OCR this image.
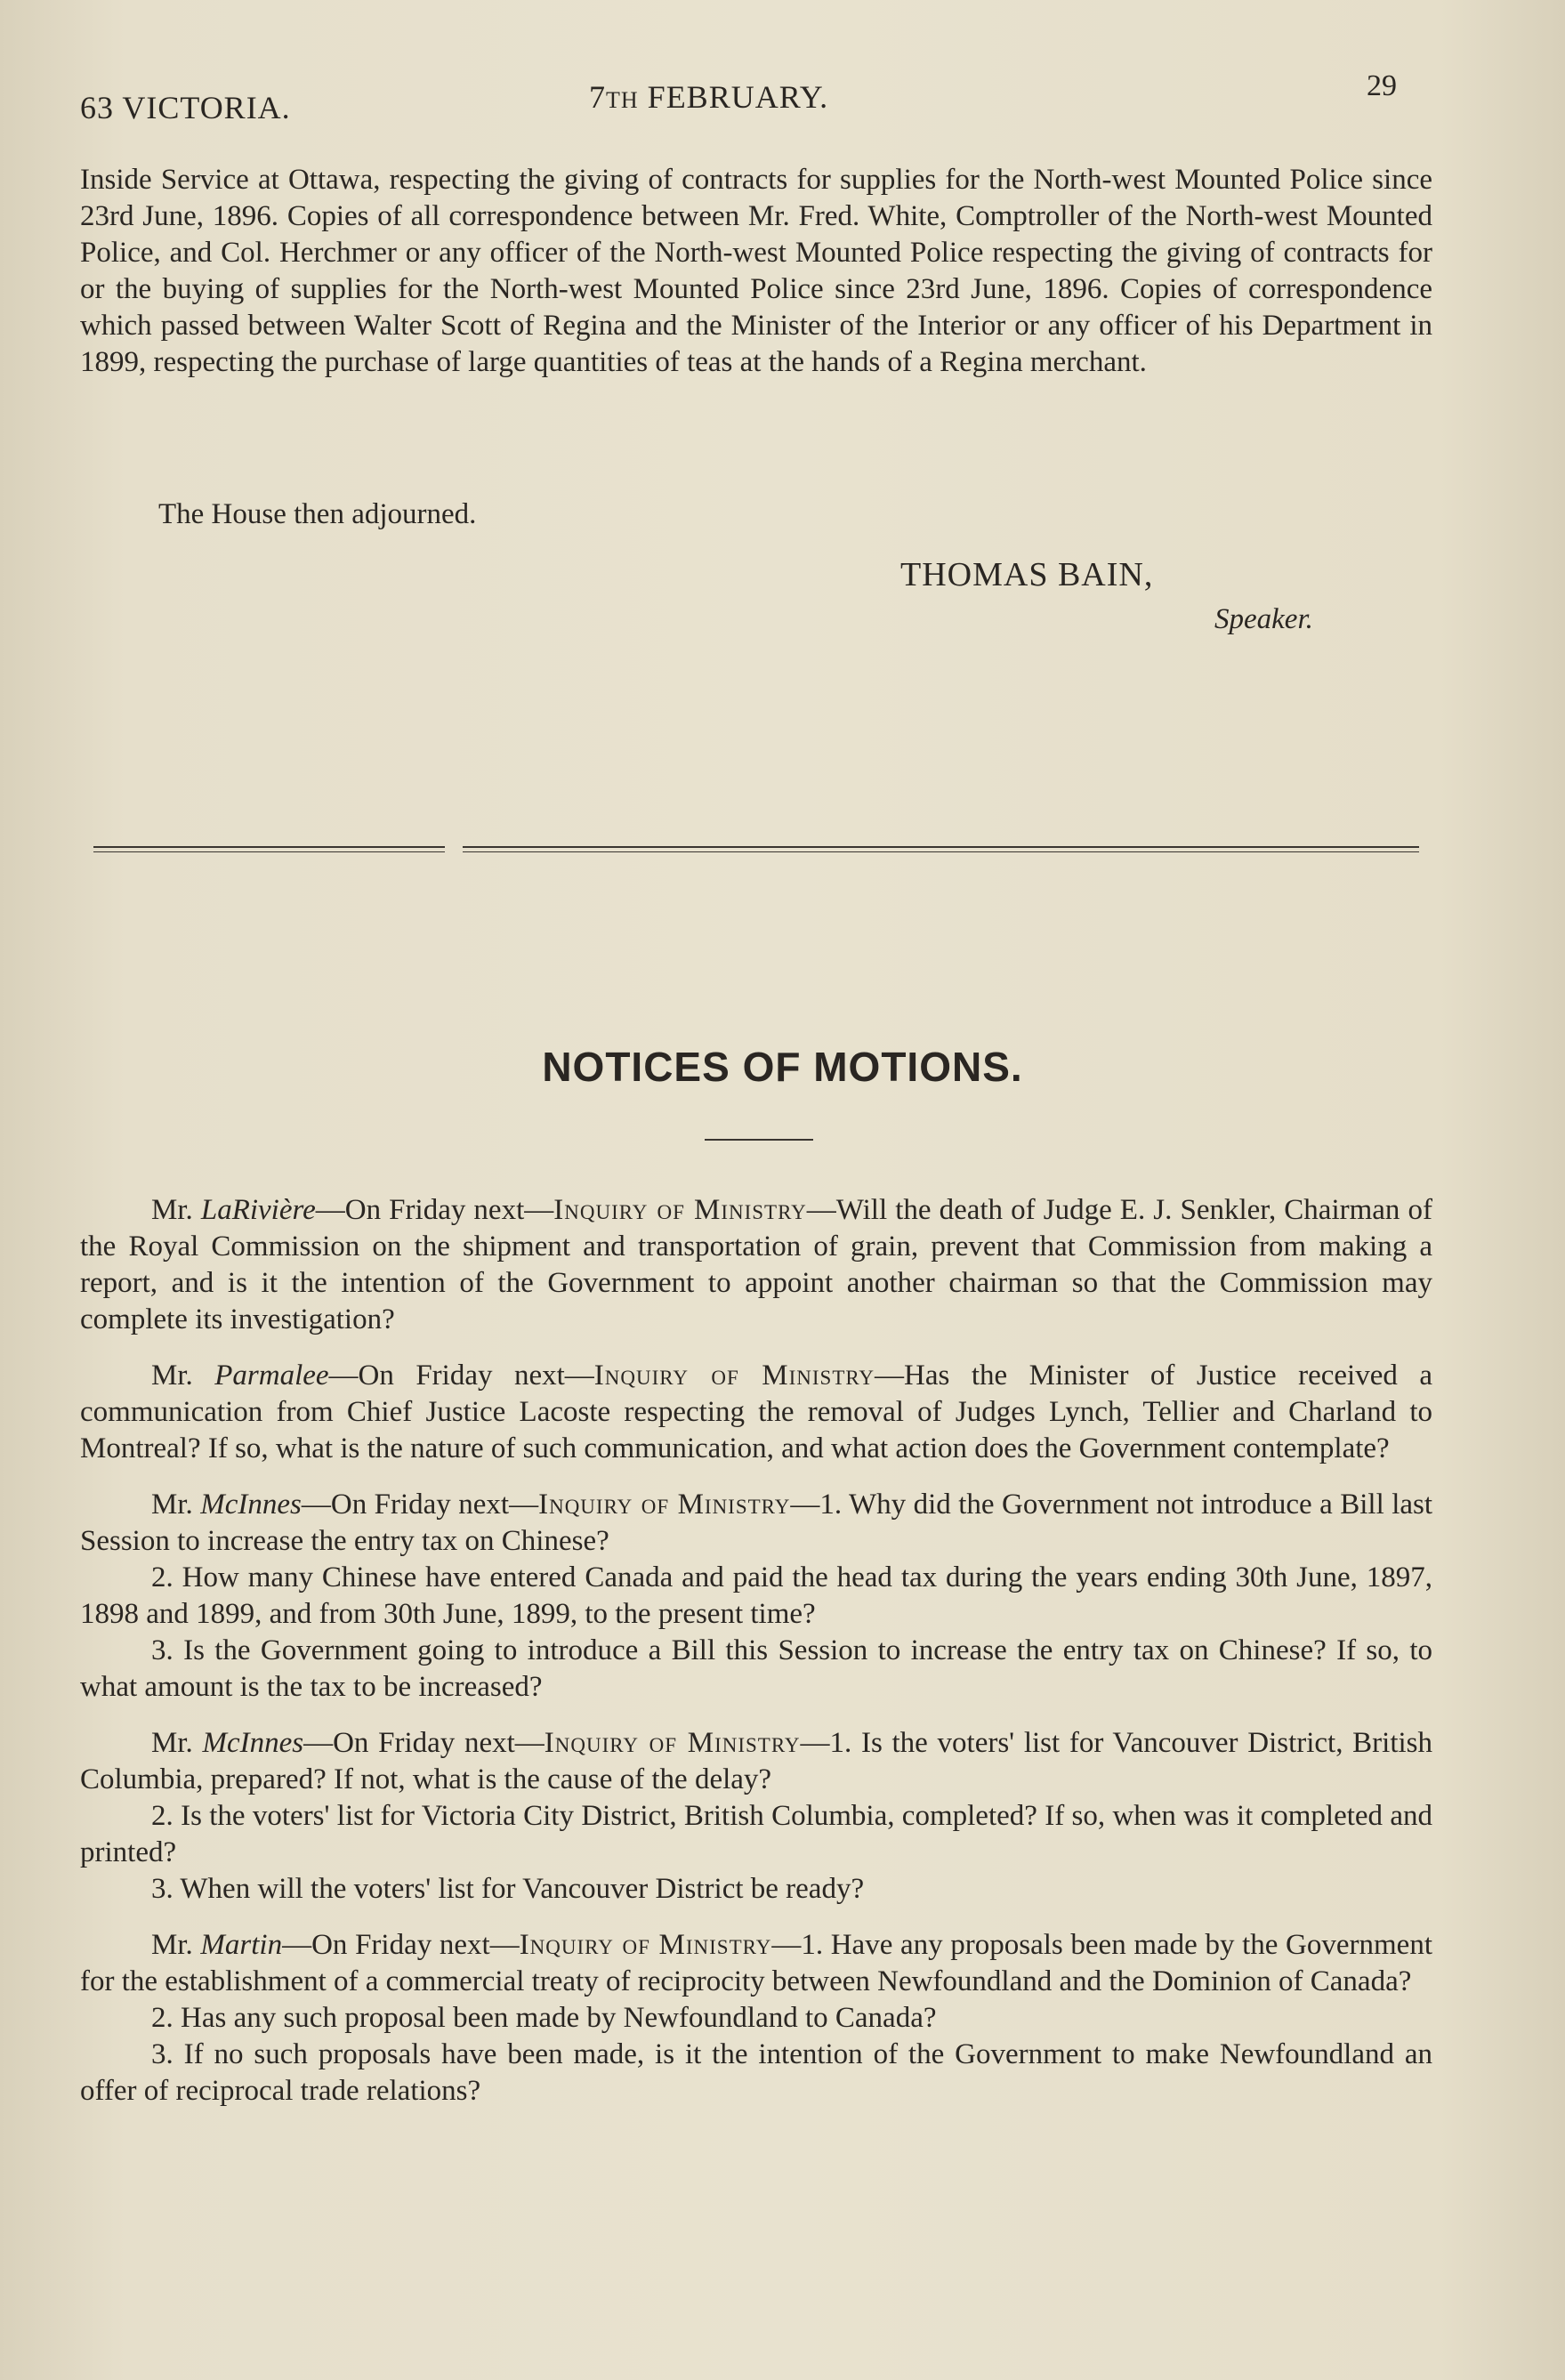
63 VICTORIA.	7TH FEBRUARY.	29

Inside Service at Ottawa, respecting the giving of contracts for supplies for the North-west Mounted Police since 23rd June, 1896. Copies of all correspondence between Mr. Fred. White, Comptroller of the North-west Mounted Police, and Col. Herchmer or any officer of the North-west Mounted Police respecting the giving of contracts for or the buying of supplies for the North-west Mounted Police since 23rd June, 1896. Copies of correspondence which passed between Walter Scott of Regina and the Minister of the Interior or any officer of his Department in 1899, respecting the purchase of large quantities of teas at the hands of a Regina merchant.

The House then adjourned.
THOMAS BAIN,
Speaker.
NOTICES OF MOTIONS.

Mr. LaRivière—On Friday next—Inquiry of Ministry—Will the death of Judge E. J. Senkler, Chairman of the Royal Commission on the shipment and transportation of grain, prevent that Commission from making a report, and is it the intention of the Government to appoint another chairman so that the Commission may complete its investigation?

Mr. Parmalee—On Friday next—Inquiry of Ministry—Has the Minister of Justice received a communication from Chief Justice Lacoste respecting the removal of Judges Lynch, Tellier and Charland to Montreal? If so, what is the nature of such communication, and what action does the Government contemplate?

Mr. McInnes—On Friday next—Inquiry of Ministry—1. Why did the Government not introduce a Bill last Session to increase the entry tax on Chinese?

2. How many Chinese have entered Canada and paid the head tax during the years ending 30th June, 1897, 1898 and 1899, and from 30th June, 1899, to the present time?

3. Is the Government going to introduce a Bill this Session to increase the entry tax on Chinese? If so, to what amount is the tax to be increased?

Mr. McInnes—On Friday next—Inquiry of Ministry—1. Is the voters' list for Vancouver District, British Columbia, prepared? If not, what is the cause of the delay?

2. Is the voters' list for Victoria City District, British Columbia, completed? If so, when was it completed and printed?

3. When will the voters' list for Vancouver District be ready?

Mr. Martin—On Friday next—Inquiry of Ministry—1. Have any proposals been made by the Government for the establishment of a commercial treaty of reciprocity between Newfoundland and the Dominion of Canada?

2. Has any such proposal been made by Newfoundland to Canada?

3. If no such proposals have been made, is it the intention of the Government to make Newfoundland an offer of reciprocal trade relations?
